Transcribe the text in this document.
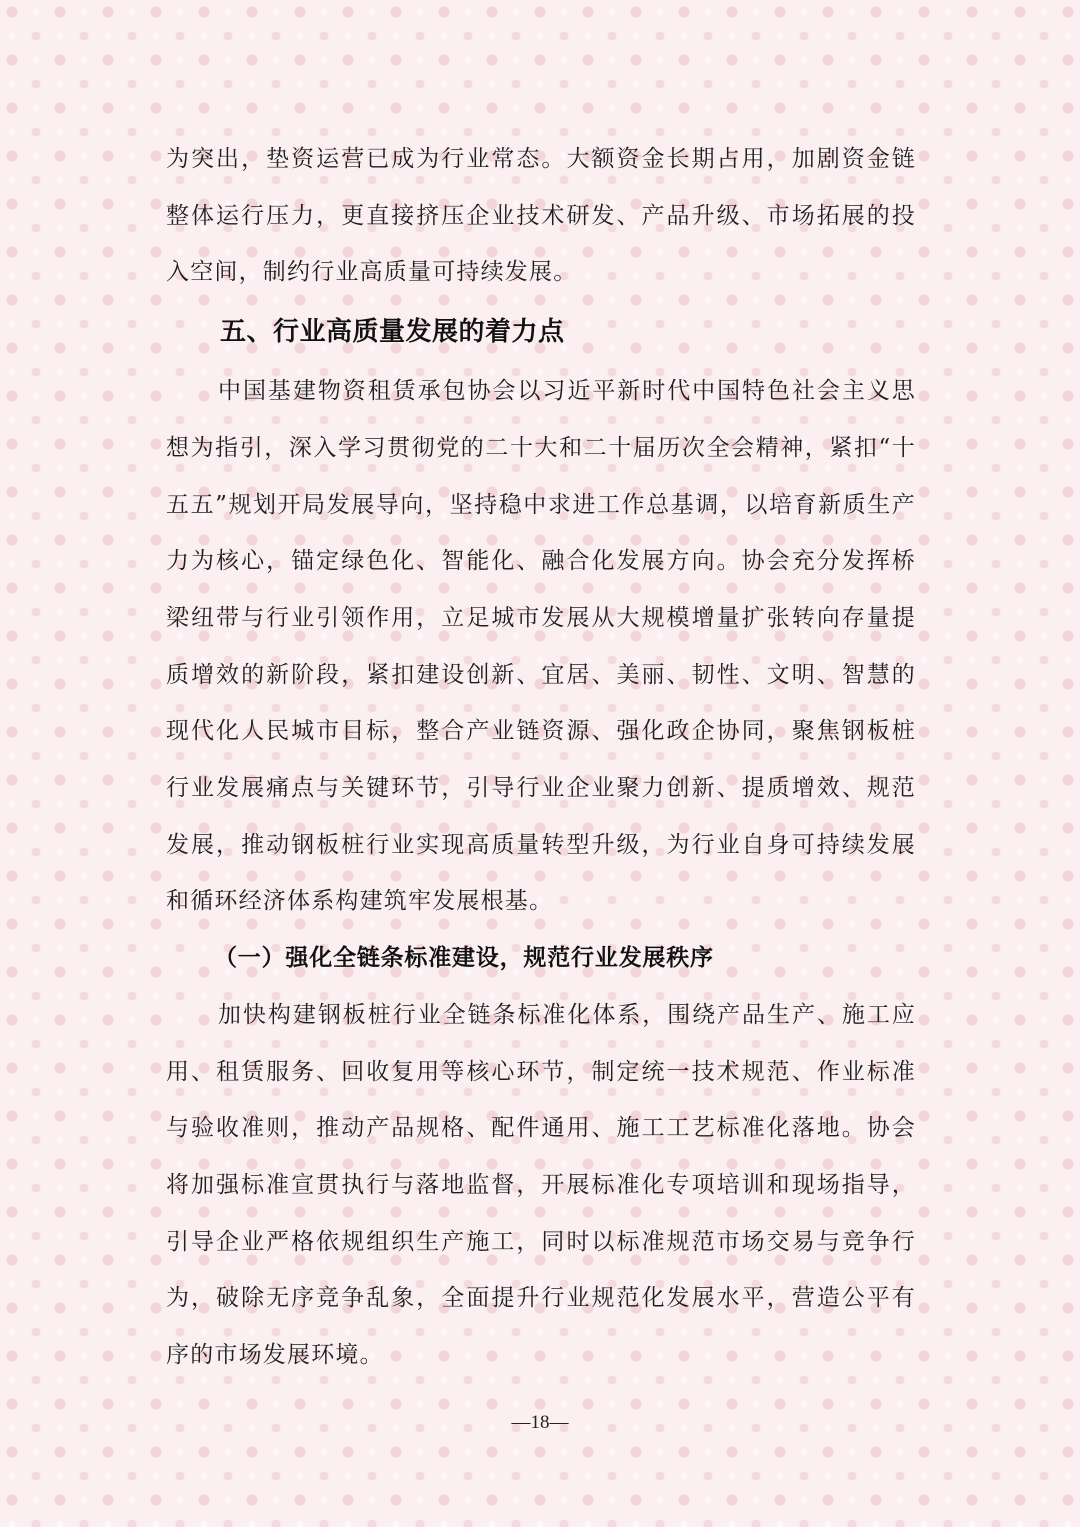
为突出，垫资运营已成为行业常态。大额资金长期占用，加剧资金链整体运行压力，更直接挤压企业技术研发、产品升级、市场拓展的投入空间，制约行业高质量可持续发展。

五、行业高质量发展的着力点

中国基建物资租赁承包协会以习近平新时代中国特色社会主义思想为指引，深入学习贯彻党的二十大和二十届历次全会精神，紧扣“十五五”规划开局发展导向，坚持稳中求进工作总基调，以培育新质生产力为核心，锚定绿色化、智能化、融合化发展方向。协会充分发挥桥梁纽带与行业引领作用，立足城市发展从大规模增量扩张转向存量提质增效的新阶段，紧扣建设创新、宜居、美丽、韧性、文明、智慧的现代化人民城市目标，整合产业链资源、强化政企协同，聚焦钢板桩行业发展痛点与关键环节，引导行业企业聚力创新、提质增效、规范发展，推动钢板桩行业实现高质量转型升级，为行业自身可持续发展和循环经济体系构建筑牢发展根基。

（一）强化全链条标准建设，规范行业发展秩序

加快构建钢板桩行业全链条标准化体系，围绕产品生产、施工应用、租赁服务、回收复用等核心环节，制定统一技术规范、作业标准与验收准则，推动产品规格、配件通用、施工工艺标准化落地。协会将加强标准宣贯执行与落地监督，开展标准化专项培训和现场指导，引导企业严格依规组织生产施工，同时以标准规范市场交易与竞争行为，破除无序竞争乱象，全面提升行业规范化发展水平，营造公平有序的市场发展环境。

—18—
